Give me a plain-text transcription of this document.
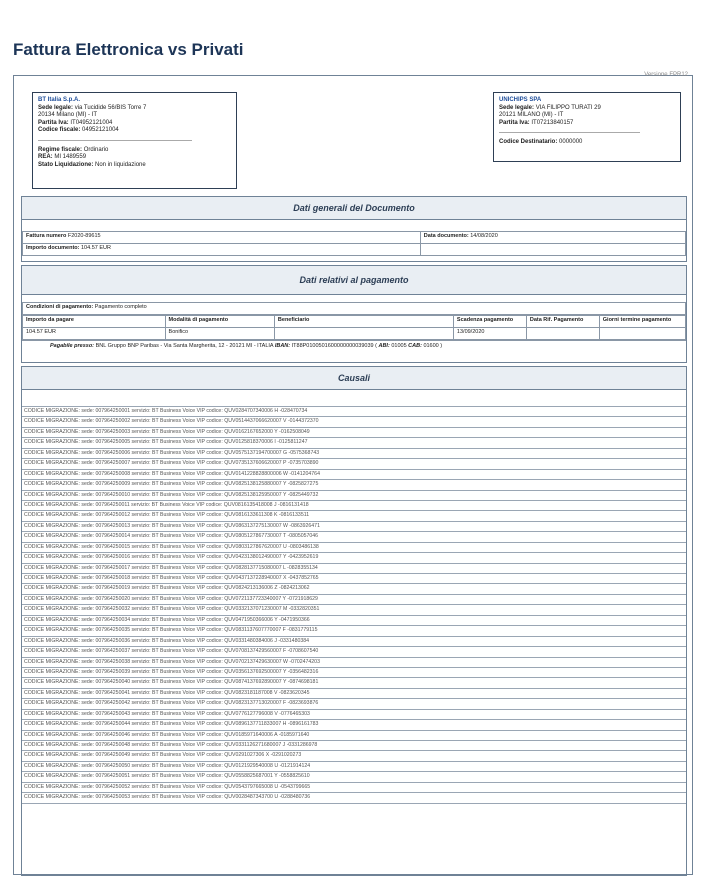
Fattura Elettronica vs Privati
Versione FPR12
BT Italia S.p.A.
Sede legale: via Tucidide 56/BIS Torre 7
20134 Milano (MI) - IT
Partita Iva: IT04952121004
Codice fiscale: 04952121004
Regime fiscale: Ordinario
REA: MI 1489559
Stato Liquidazione: Non in liquidazione
UNICHIPS SPA
Sede legale: VIA FILIPPO TURATI 29
20121 MILANO (MI) - IT
Partita Iva: IT07213840157
Codice Destinatario: 0000000
Dati generali del Documento
Fattura numero F2020-89615	Data documento: 14/08/2020
Importo documento: 104.57 EUR	
Dati relativi al pagamento
Condizioni di pagamento: Pagamento completo
Importo da pagare	Modalità di pagamento	Beneficiario	Scadenza pagamento	Data Rif. Pagamento	Giorni termine pagamento
104.57 EUR	Bonifico		13/09/2020		
Pagabile presso: BNL Gruppo BNP Paribas - Via Santa Margherita, 12 - 20121 MI - ITALIA IBAN: IT88P0100501600000000039039 ( ABI: 01005 CAB: 01600 )
Causali
CODICE MIGRAZIONE: sede: 007964250001 servizio: BT Business Voice VIP codice: QUV0284707340006 H -028470734
CODICE MIGRAZIONE: sede: 007964250002 servizio: BT Business Voice VIP codice: QUV0514437066620007 V -0144372370
CODICE MIGRAZIONE: sede: 007964250003 servizio: BT Business Voice VIP codice: QUV0162167652000 Y -0162508049
CODICE MIGRAZIONE: sede: 007964250005 servizio: BT Business Voice VIP codice: QUV0125818370006 I -0125811247
CODICE MIGRAZIONE: sede: 007964250006 servizio: BT Business Voice VIP codice: QUV0575137194700007 G -0575368743
CODICE MIGRAZIONE: sede: 007964250007 servizio: BT Business Voice VIP codice: QUV0735137606620007 P -0735703890
CODICE MIGRAZIONE: sede: 007964250008 servizio: BT Business Voice VIP codice: QUV0141228828800006 W -0141204764
CODICE MIGRAZIONE: sede: 007964250009 servizio: BT Business Voice VIP codice: QUV0825138125880007 Y -0825827275
CODICE MIGRAZIONE: sede: 007964250010 servizio: BT Business Voice VIP codice: QUV0825138125950007 Y -0825449732
CODICE MIGRAZIONE: sede: 007964250011 servizio: BT Business Voice VIP codice: QUV0816135418008 J -0816131418
CODICE MIGRAZIONE: sede: 007964250012 servizio: BT Business Voice VIP codice: QUV0816133611308 K -0816133511
CODICE MIGRAZIONE: sede: 007964250013 servizio: BT Business Voice VIP codice: QUV0863137275130007 W -0863926471
CODICE MIGRAZIONE: sede: 007964250014 servizio: BT Business Voice VIP codice: QUV0805127867730007 T -0805057046
CODICE MIGRAZIONE: sede: 007964250015 servizio: BT Business Voice VIP codice: QUV0803127867620007 U -0803486138
CODICE MIGRAZIONE: sede: 007964250016 servizio: BT Business Voice VIP codice: QUV0423138012490007 Y -0423952619
CODICE MIGRAZIONE: sede: 007964250017 servizio: BT Business Voice VIP codice: QUV0828137715080007 L -0828355134
CODICE MIGRAZIONE: sede: 007964250018 servizio: BT Business Voice VIP codice: QUV0437137228940007 X -0437852765
CODICE MIGRAZIONE: sede: 007964250019 servizio: BT Business Voice VIP codice: QUV0824213136006 Z -0824213062
CODICE MIGRAZIONE: sede: 007964250020 servizio: BT Business Voice VIP codice: QUV0721137723340007 Y -0721918629
CODICE MIGRAZIONE: sede: 007964250032 servizio: BT Business Voice VIP codice: QUV0332137071230007 M -0332820351
CODICE MIGRAZIONE: sede: 007964250034 servizio: BT Business Voice VIP codice: QUV0471950366006 Y -0471950366
CODICE MIGRAZIONE: sede: 007964250035 servizio: BT Business Voice VIP codice: QUV0831137607770007 F -0831779115
CODICE MIGRAZIONE: sede: 007964250036 servizio: BT Business Voice VIP codice: QUV0331480384006 J -0331480384
CODICE MIGRAZIONE: sede: 007964250037 servizio: BT Business Voice VIP codice: QUV0708137429560007 F -0708607540
CODICE MIGRAZIONE: sede: 007964250038 servizio: BT Business Voice VIP codice: QUV0702137429630007 W -0702474203
CODICE MIGRAZIONE: sede: 007964250039 servizio: BT Business Voice VIP codice: QUV0356137692500007 Y -0356482316
CODICE MIGRAZIONE: sede: 007964250040 servizio: BT Business Voice VIP codice: QUV0874137692890007 Y -0874698181
CODICE MIGRAZIONE: sede: 007964250041 servizio: BT Business Voice VIP codice: QUV0823181187008 V -0823620345
CODICE MIGRAZIONE: sede: 007964250042 servizio: BT Business Voice VIP codice: QUV0823137713020007 F -0823693876
CODICE MIGRAZIONE: sede: 007964250043 servizio: BT Business Voice VIP codice: QUV0776127796008 V -0776465303
CODICE MIGRAZIONE: sede: 007964250044 servizio: BT Business Voice VIP codice: QUV0896137711833007 H -0896161783
CODICE MIGRAZIONE: sede: 007964250046 servizio: BT Business Voice VIP codice: QUV0185971640006 A -0185971640
CODICE MIGRAZIONE: sede: 007964250048 servizio: BT Business Voice VIP codice: QUV0331126271680007 J -0331286978
CODICE MIGRAZIONE: sede: 007964250049 servizio: BT Business Voice VIP codice: QUV0291027306 X -0291020273
CODICE MIGRAZIONE: sede: 007964250050 servizio: BT Business Voice VIP codice: QUV0121929540008 U -0121914124
CODICE MIGRAZIONE: sede: 007964250051 servizio: BT Business Voice VIP codice: QUV0558825687001 Y -0558825610
CODICE MIGRAZIONE: sede: 007964250052 servizio: BT Business Voice VIP codice: QUV0543797665008 U -0543799665
CODICE MIGRAZIONE: sede: 007964250053 servizio: BT Business Voice VIP codice: QUV0028487343700 U -0288480736
